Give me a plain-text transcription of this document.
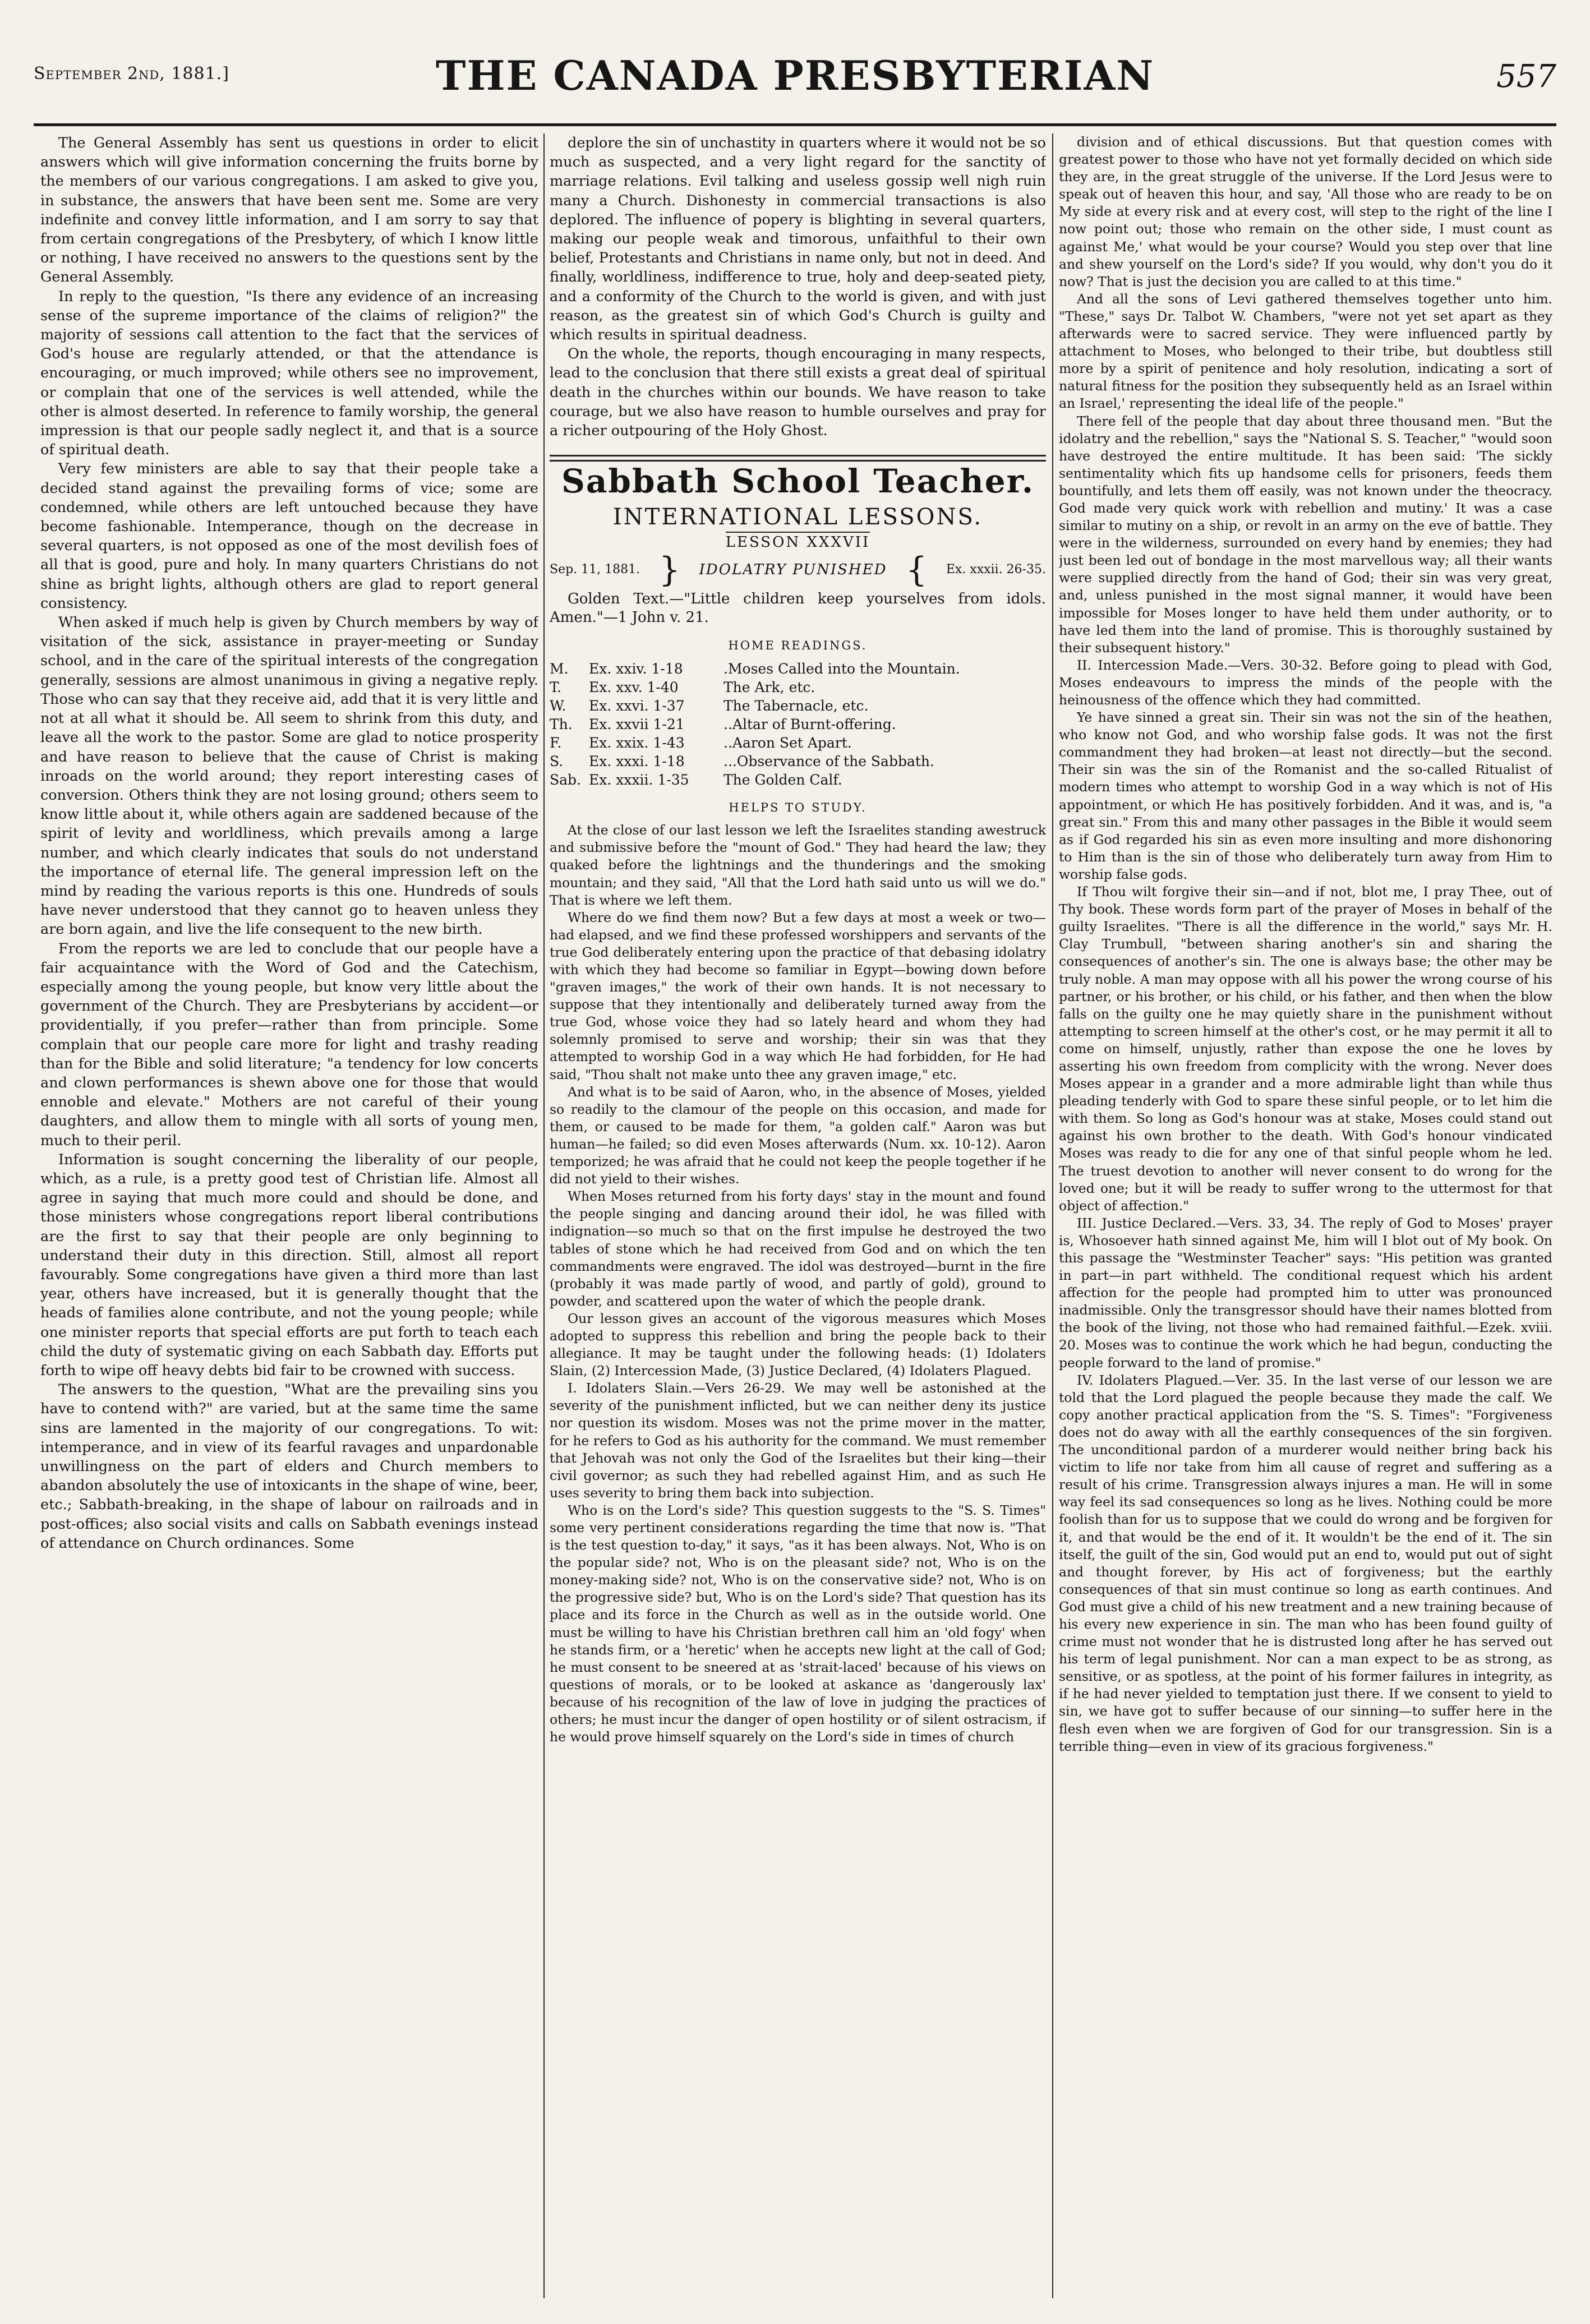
September 2nd, 1881.]	THE CANADA PRESBYTERIAN	557

The General Assembly has sent us questions in order to elicit answers which will give information concerning the fruits borne by the members of our various congregations. I am asked to give you, in substance, the answers that have been sent me. Some are very indefinite and convey little information, and I am sorry to say that from certain congregations of the Presbytery, of which I know little or nothing, I have received no answers to the questions sent by the General Assembly.

In reply to the question, "Is there any evidence of an increasing sense of the supreme importance of the claims of religion?" the majority of sessions call attention to the fact that the services of God's house are regularly attended, or that the attendance is encouraging, or much improved; while others see no improvement, or complain that one of the services is well attended, while the other is almost deserted. In reference to family worship, the general impression is that our people sadly neglect it, and that is a source of spiritual death.

Very few ministers are able to say that their people take a decided stand against the prevailing forms of vice; some are condemned, while others are left untouched because they have become fashionable. Intemperance, though on the decrease in several quarters, is not opposed as one of the most devilish foes of all that is good, pure and holy. In many quarters Christians do not shine as bright lights, although others are glad to report general consistency.

When asked if much help is given by Church members by way of visitation of the sick, assistance in prayer-meeting or Sunday school, and in the care of the spiritual interests of the congregation generally, sessions are almost unanimous in giving a negative reply. Those who can say that they receive aid, add that it is very little and not at all what it should be. All seem to shrink from this duty, and leave all the work to the pastor. Some are glad to notice prosperity and have reason to believe that the cause of Christ is making inroads on the world around; they report interesting cases of conversion. Others think they are not losing ground; others seem to know little about it, while others again are saddened because of the spirit of levity and worldliness, which prevails among a large number, and which clearly indicates that souls do not understand the importance of eternal life. The general impression left on the mind by reading the various reports is this one. Hundreds of souls have never understood that they cannot go to heaven unless they are born again, and live the life consequent to the new birth.

From the reports we are led to conclude that our people have a fair acquaintance with the Word of God and the Catechism, especially among the young people, but know very little about the government of the Church. They are Presbyterians by accident—or providentially, if you prefer—rather than from principle. Some complain that our people care more for light and trashy reading than for the Bible and solid literature; "a tendency for low concerts and clown performances is shewn above one for those that would ennoble and elevate." Mothers are not careful of their young daughters, and allow them to mingle with all sorts of young men, much to their peril.

Information is sought concerning the liberality of our people, which, as a rule, is a pretty good test of Christian life. Almost all agree in saying that much more could and should be done, and those ministers whose congregations report liberal contributions are the first to say that their people are only beginning to understand their duty in this direction. Still, almost all report favourably. Some congregations have given a third more than last year, others have increased, but it is generally thought that the heads of families alone contribute, and not the young people; while one minister reports that special efforts are put forth to teach each child the duty of systematic giving on each Sabbath day. Efforts put forth to wipe off heavy debts bid fair to be crowned with success.

The answers to the question, "What are the prevailing sins you have to contend with?" are varied, but at the same time the same sins are lamented in the majority of our congregations. To wit: intemperance, and in view of its fearful ravages and unpardonable unwillingness on the part of elders and Church members to abandon absolutely the use of intoxicants in the shape of wine, beer, etc.; Sabbath-breaking, in the shape of labour on railroads and in post-offices; also social visits and calls on Sabbath evenings instead of attendance on Church ordinances. Some

deplore the sin of unchastity in quarters where it would not be so much as suspected, and a very light regard for the sanctity of marriage relations. Evil talking and useless gossip well nigh ruin many a Church. Dishonesty in commercial transactions is also deplored. The influence of popery is blighting in several quarters, making our people weak and timorous, unfaithful to their own belief, Protestants and Christians in name only, but not in deed. And finally, worldliness, indifference to true, holy and deep-seated piety, and a conformity of the Church to the world is given, and with just reason, as the greatest sin of which God's Church is guilty and which results in spiritual deadness.

On the whole, the reports, though encouraging in many respects, lead to the conclusion that there still exists a great deal of spiritual death in the churches within our bounds. We have reason to take courage, but we also have reason to humble ourselves and pray for a richer outpouring of the Holy Ghost.

Sabbath School Teacher.
INTERNATIONAL LESSONS.
LESSON XXXVII
Sep. 11, 1881. } IDOLATRY PUNISHED { Ex. xxxii. 26-35.

Golden Text.—"Little children keep yourselves from idols. Amen."—1 John v. 21.

HOME READINGS.
M.	Ex. xxiv. 1-18	.Moses Called into the Mountain.
T.	Ex. xxv. 1-40	The Ark, etc.
W.	Ex. xxvi. 1-37	The Tabernacle, etc.
Th.	Ex. xxvii 1-21	..Altar of Burnt-offering.
F.	Ex. xxix. 1-43	..Aaron Set Apart.
S.	Ex. xxxi. 1-18	...Observance of the Sabbath.
Sab. Ex. xxxii. 1-35	The Golden Calf.
HELPS TO STUDY.

At the close of our last lesson we left the Israelites standing awestruck and submissive before the "mount of God." They had heard the law; they quaked before the lightnings and the thunderings and the smoking mountain; and they said, "All that the Lord hath said unto us will we do." That is where we left them.

Where do we find them now? But a few days at most a week or two—had elapsed, and we find these professed worshippers and servants of the true God deliberately entering upon the practice of that debasing idolatry with which they had become so familiar in Egypt—bowing down before "graven images," the work of their own hands. It is not necessary to suppose that they intentionally and deliberately turned away from the true God, whose voice they had so lately heard and whom they had solemnly promised to serve and worship; their sin was that they attempted to worship God in a way which He had forbidden, for He had said, "Thou shalt not make unto thee any graven image," etc.

And what is to be said of Aaron, who, in the absence of Moses, yielded so readily to the clamour of the people on this occasion, and made for them, or caused to be made for them, "a golden calf." Aaron was but human—he failed; so did even Moses afterwards (Num. xx. 10-12). Aaron temporized; he was afraid that he could not keep the people together if he did not yield to their wishes.

When Moses returned from his forty days' stay in the mount and found the people singing and dancing around their idol, he was filled with indignation—so much so that on the first impulse he destroyed the two tables of stone which he had received from God and on which the ten commandments were engraved. The idol was destroyed—burnt in the fire (probably it was made partly of wood, and partly of gold), ground to powder, and scattered upon the water of which the people drank.

Our lesson gives an account of the vigorous measures which Moses adopted to suppress this rebellion and bring the people back to their allegiance. It may be taught under the following heads: (1) Idolaters Slain, (2) Intercession Made, (3) Justice Declared, (4) Idolaters Plagued.

I. Idolaters Slain.—Vers 26-29. We may well be astonished at the severity of the punishment inflicted, but we can neither deny its justice nor question its wisdom. Moses was not the prime mover in the matter, for he refers to God as his authority for the command. We must remember that Jehovah was not only the God of the Israelites but their king—their civil governor; as such they had rebelled against Him, and as such He uses severity to bring them back into subjection.

Who is on the Lord's side? This question suggests to the "S. S. Times" some very pertinent considerations regarding the time that now is. "That is the test question to-day," it says, "as it has been always. Not, Who is on the popular side? not, Who is on the pleasant side? not, Who is on the money-making side? not, Who is on the conservative side? not, Who is on the progressive side? but, Who is on the Lord's side? That question has its place and its force in the Church as well as in the outside world. One must be willing to have his Christian brethren call him an 'old fogy' when he stands firm, or a 'heretic' when he accepts new light at the call of God; he must consent to be sneered at as 'strait-laced' because of his views on questions of morals, or to be looked at askance as 'dangerously lax' because of his recognition of the law of love in judging the practices of others; he must incur the danger of open hostility or of silent ostracism, if he would prove himself squarely on the Lord's side in times of church

division and of ethical discussions. But that question comes with greatest power to those who have not yet formally decided on which side they are, in the great struggle of the universe. If the Lord Jesus were to speak out of heaven this hour, and say, 'All those who are ready to be on My side at every risk and at every cost, will step to the right of the line I now point out; those who remain on the other side, I must count as against Me,' what would be your course? Would you step over that line and shew yourself on the Lord's side? If you would, why don't you do it now? That is just the decision you are called to at this time."

And all the sons of Levi gathered themselves together unto him. "These," says Dr. Talbot W. Chambers, "were not yet set apart as they afterwards were to sacred service. They were influenced partly by attachment to Moses, who belonged to their tribe, but doubtless still more by a spirit of penitence and holy resolution, indicating a sort of natural fitness for the position they subsequently held as an Israel within an Israel,' representing the ideal life of the people."

There fell of the people that day about three thousand men. "But the idolatry and the rebellion," says the "National S. S. Teacher," "would soon have destroyed the entire multitude. It has been said: 'The sickly sentimentality which fits up handsome cells for prisoners, feeds them bountifully, and lets them off easily, was not known under the theocracy. God made very quick work with rebellion and mutiny.' It was a case similar to mutiny on a ship, or revolt in an army on the eve of battle. They were in the wilderness, surrounded on every hand by enemies; they had just been led out of bondage in the most marvellous way; all their wants were supplied directly from the hand of God; their sin was very great, and, unless punished in the most signal manner, it would have been impossible for Moses longer to have held them under authority, or to have led them into the land of promise. This is thoroughly sustained by their subsequent history."

II. Intercession Made.—Vers. 30-32. Before going to plead with God, Moses endeavours to impress the minds of the people with the heinousness of the offence which they had committed.

Ye have sinned a great sin. Their sin was not the sin of the heathen, who know not God, and who worship false gods. It was not the first commandment they had broken—at least not directly—but the second. Their sin was the sin of the Romanist and the so-called Ritualist of modern times who attempt to worship God in a way which is not of His appointment, or which He has positively forbidden. And it was, and is, "a great sin." From this and many other passages in the Bible it would seem as if God regarded his sin as even more insulting and more dishonoring to Him than is the sin of those who deliberately turn away from Him to worship false gods.

If Thou wilt forgive their sin—and if not, blot me, I pray Thee, out of Thy book. These words form part of the prayer of Moses in behalf of the guilty Israelites. "There is all the difference in the world," says Mr. H. Clay Trumbull, "between sharing another's sin and sharing the consequences of another's sin. The one is always base; the other may be truly noble. A man may oppose with all his power the wrong course of his partner, or his brother, or his child, or his father, and then when the blow falls on the guilty one he may quietly share in the punishment without attempting to screen himself at the other's cost, or he may permit it all to come on himself, unjustly, rather than expose the one he loves by asserting his own freedom from complicity with the wrong. Never does Moses appear in a grander and a more admirable light than while thus pleading tenderly with God to spare these sinful people, or to let him die with them. So long as God's honour was at stake, Moses could stand out against his own brother to the death. With God's honour vindicated Moses was ready to die for any one of that sinful people whom he led. The truest devotion to another will never consent to do wrong for the loved one; but it will be ready to suffer wrong to the uttermost for that object of affection."

III. Justice Declared.—Vers. 33, 34. The reply of God to Moses' prayer is, Whosoever hath sinned against Me, him will I blot out of My book. On this passage the "Westminster Teacher" says: "His petition was granted in part—in part withheld. The conditional request which his ardent affection for the people had prompted him to utter was pronounced inadmissible. Only the transgressor should have their names blotted from the book of the living, not those who had remained faithful.—Ezek. xviii. 20. Moses was to continue the work which he had begun, conducting the people forward to the land of promise."

IV. Idolaters Plagued.—Ver. 35. In the last verse of our lesson we are told that the Lord plagued the people because they made the calf. We copy another practical application from the "S. S. Times": "Forgiveness does not do away with all the earthly consequences of the sin forgiven. The unconditional pardon of a murderer would neither bring back his victim to life nor take from him all cause of regret and suffering as a result of his crime. Transgression always injures a man. He will in some way feel its sad consequences so long as he lives. Nothing could be more foolish than for us to suppose that we could do wrong and be forgiven for it, and that would be the end of it. It wouldn't be the end of it. The sin itself, the guilt of the sin, God would put an end to, would put out of sight and thought forever, by His act of forgiveness; but the earthly consequences of that sin must continue so long as earth continues. And God must give a child of his new treatment and a new training because of his every new experience in sin. The man who has been found guilty of crime must not wonder that he is distrusted long after he has served out his term of legal punishment. Nor can a man expect to be as strong, as sensitive, or as spotless, at the point of his former failures in integrity, as if he had never yielded to temptation just there. If we consent to yield to sin, we have got to suffer because of our sinning—to suffer here in the flesh even when we are forgiven of God for our transgression. Sin is a terrible thing—even in view of its gracious forgiveness."
